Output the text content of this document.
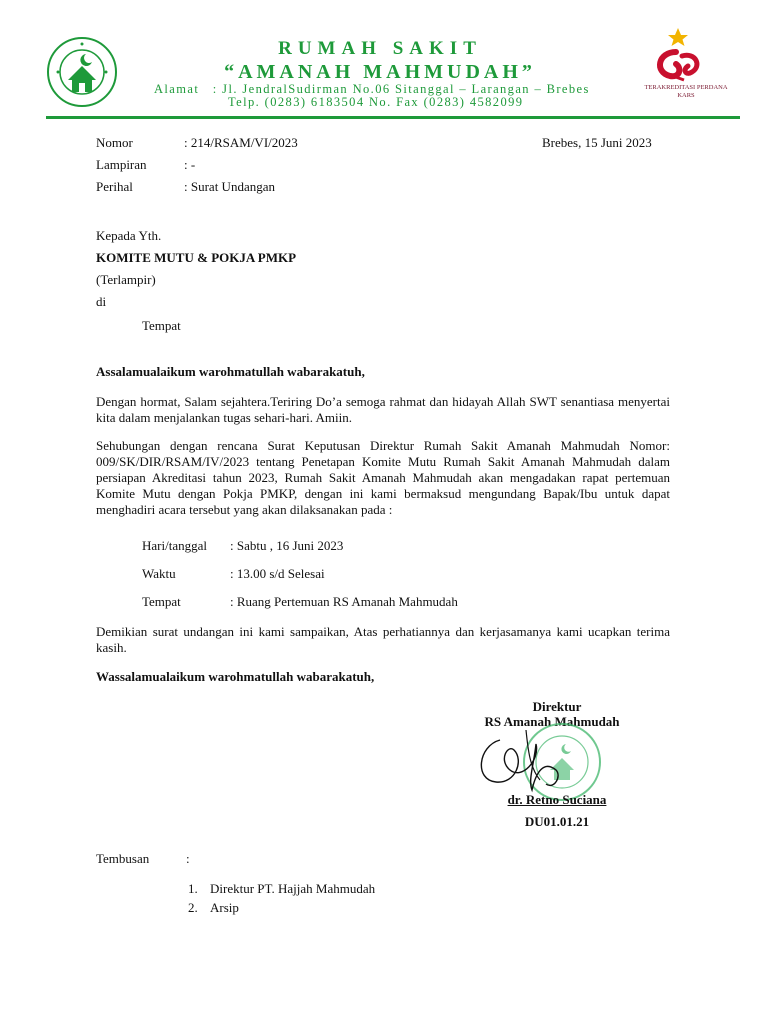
RUMAH SAKIT
“AMANAH MAHMUDAH”
Alamat : Jl. JendralSudirman No.06 Sitanggal – Larangan – Brebes
Telp. (0283) 6183504 No. Fax (0283) 4582099
TERAKREDITASI PERDANA
KARS
Nomor	: 214/RSAM/VI/2023	Brebes, 15 Juni 2023
Lampiran	: -
Perihal	: Surat Undangan
Kepada Yth.
KOMITE MUTU & POKJA PMKP
(Terlampir)
di
Tempat
Assalamualaikum warohmatullah wabarakatuh,
Dengan hormat, Salam sejahtera.Teriring Do’a semoga rahmat dan hidayah Allah SWT senantiasa menyertai kita dalam menjalankan tugas sehari-hari. Amiin.
Sehubungan dengan rencana Surat Keputusan Direktur Rumah Sakit Amanah Mahmudah Nomor: 009/SK/DIR/RSAM/IV/2023 tentang Penetapan Komite Mutu Rumah Sakit Amanah Mahmudah dalam persiapan Akreditasi tahun 2023, Rumah Sakit Amanah Mahmudah akan mengadakan rapat pertemuan Komite Mutu dengan Pokja PMKP, dengan ini kami bermaksud mengundang Bapak/Ibu untuk dapat menghadiri acara tersebut yang akan dilaksanakan pada :
Hari/tanggal : Sabtu , 16 Juni 2023
Waktu	: 13.00 s/d Selesai
Tempat	: Ruang Pertemuan RS Amanah Mahmudah
Demikian surat undangan ini kami sampaikan, Atas perhatiannya dan kerjasamanya kami ucapkan terima kasih.
Wassalamualaikum warohmatullah wabarakatuh,
Direktur
RS Amanah Mahmudah
dr. Retno Suciana
DU01.01.21
Tembusan	:
1. Direktur PT. Hajjah Mahmudah
2. Arsip
